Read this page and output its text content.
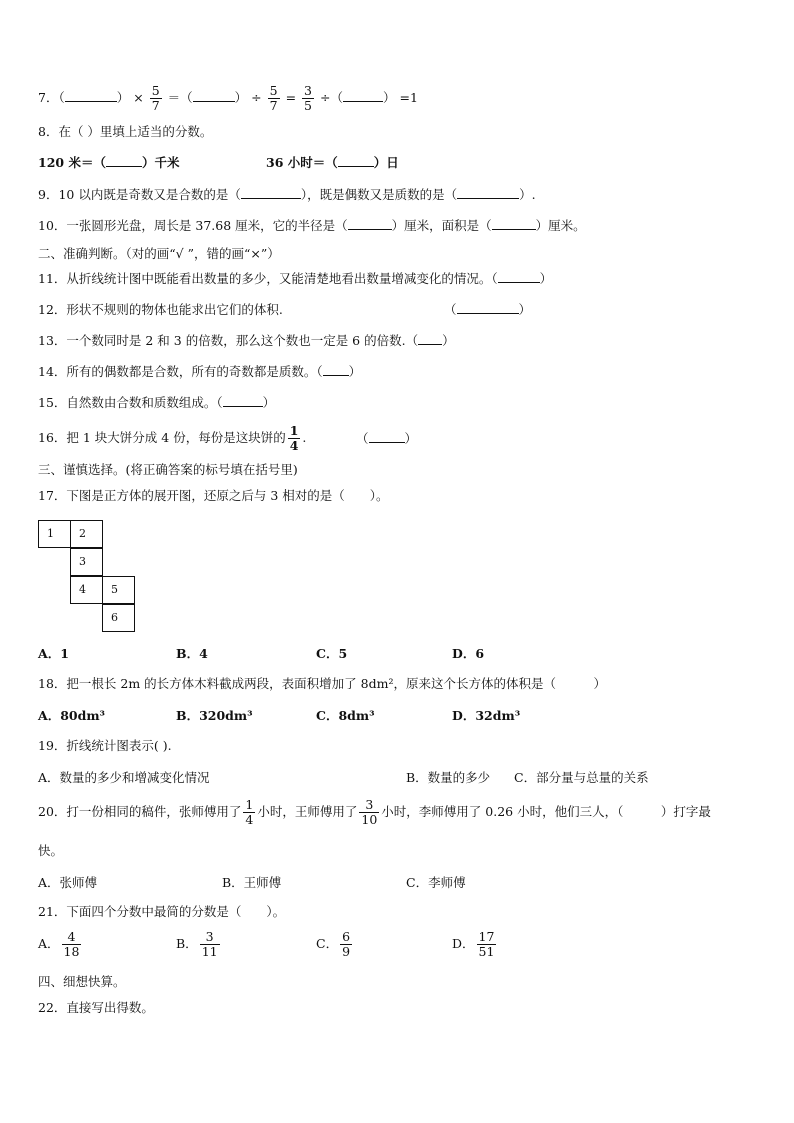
7．（	） × $\frac{5}{7}$ ＝（	） ÷ $\frac{5}{7} = \frac{3}{5}$ ÷（	） =1
8．在（ ）里填上适当的分数。
120 米＝（	）千米	36 小时＝（	）日
9．10 以内既是奇数又是合数的是（	），既是偶数又是质数的是（	）.
10．一张圆形光盘，周长是 37.68 厘米，它的半径是（	）厘米，面积是（	）厘米。
二、准确判断。（对的画“√ ”，错的画“×”）
11．从折线统计图中既能看出数量的多少，又能清楚地看出数量增减变化的情况。（	）
12．形状不规则的物体也能求出它们的体积.	（	）
13．一个数同时是 2 和 3 的倍数，那么这个数也一定是 6 的倍数.（ ）
14．所有的偶数都是合数，所有的奇数都是质数。（ ）
15．自然数由合数和质数组成。（	）
16．把 1 块大饼分成 4 份，每份是这块饼的 $\frac{1}{4}$ .	（	）
三、谨慎选择。(将正确答案的标号填在括号里)
17．下图是正方体的展开图，还原之后与 3 相对的是（　　）。
1	2
3
4	5
6
A．1	B．4	C．5	D．6
18．把一根长 2m 的长方体木料截成两段，表面积增加了 8dm²，原来这个长方体的体积是（　　　）
A．80dm³	B．320dm³	C．8dm³	D．32dm³
19．折线统计图表示( ).
A．数量的多少和增减变化情况	B．数量的多少 C．部分量与总量的关系
20．打一份相同的稿件，张师傅用了 $\frac{1}{4}$ 小时，王师傅用了 $\frac{3}{10}$ 小时，李师傅用了 0.26 小时，他们三人，（　　　）打字最
快。
A．张师傅	B．王师傅	C．李师傅
21．下面四个分数中最简的分数是（　　）。
A． $\frac{4}{18}$	B． $\frac{3}{11}$	C． $\frac{6}{9}$	D． $\frac{17}{51}$
四、细想快算。
22．直接写出得数。
